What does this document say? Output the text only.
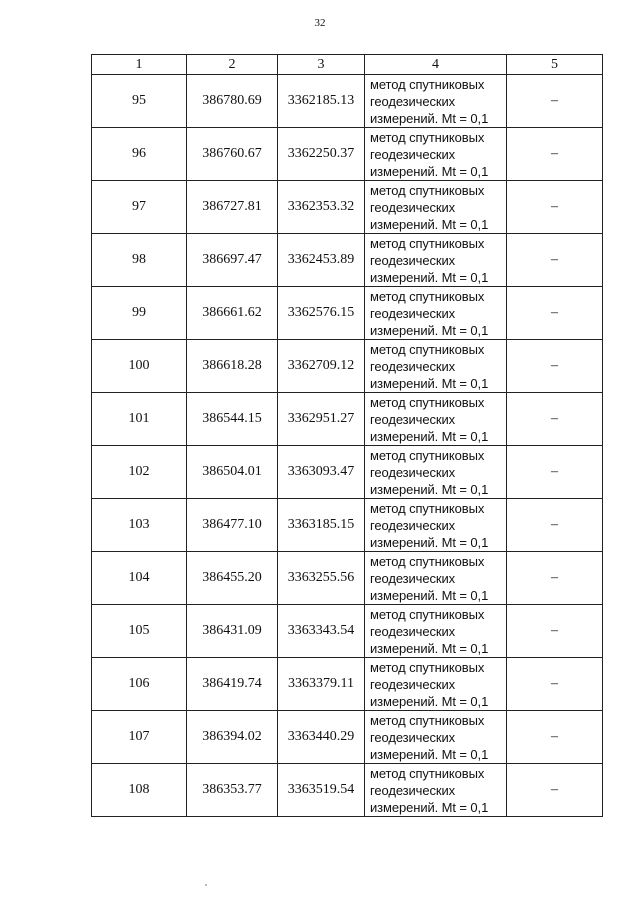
32
1	2	3	4	5
95	386780.69	3362185.13	метод спутниковых
геодезических
измерений. Mt = 0,1	–
96	386760.67	3362250.37	метод спутниковых
геодезических
измерений. Mt = 0,1	–
97	386727.81	3362353.32	метод спутниковых
геодезических
измерений. Mt = 0,1	–
98	386697.47	3362453.89	метод спутниковых
геодезических
измерений. Mt = 0,1	–
99	386661.62	3362576.15	метод спутниковых
геодезических
измерений. Mt = 0,1	–
100	386618.28	3362709.12	метод спутниковых
геодезических
измерений. Mt = 0,1	–
101	386544.15	3362951.27	метод спутниковых
геодезических
измерений. Mt = 0,1	–
102	386504.01	3363093.47	метод спутниковых
геодезических
измерений. Mt = 0,1	–
103	386477.10	3363185.15	метод спутниковых
геодезических
измерений. Mt = 0,1	–
104	386455.20	3363255.56	метод спутниковых
геодезических
измерений. Mt = 0,1	–
105	386431.09	3363343.54	метод спутниковых
геодезических
измерений. Mt = 0,1	–
106	386419.74	3363379.11	метод спутниковых
геодезических
измерений. Mt = 0,1	–
107	386394.02	3363440.29	метод спутниковых
геодезических
измерений. Mt = 0,1	–
108	386353.77	3363519.54	метод спутниковых
геодезических
измерений. Mt = 0,1	–
